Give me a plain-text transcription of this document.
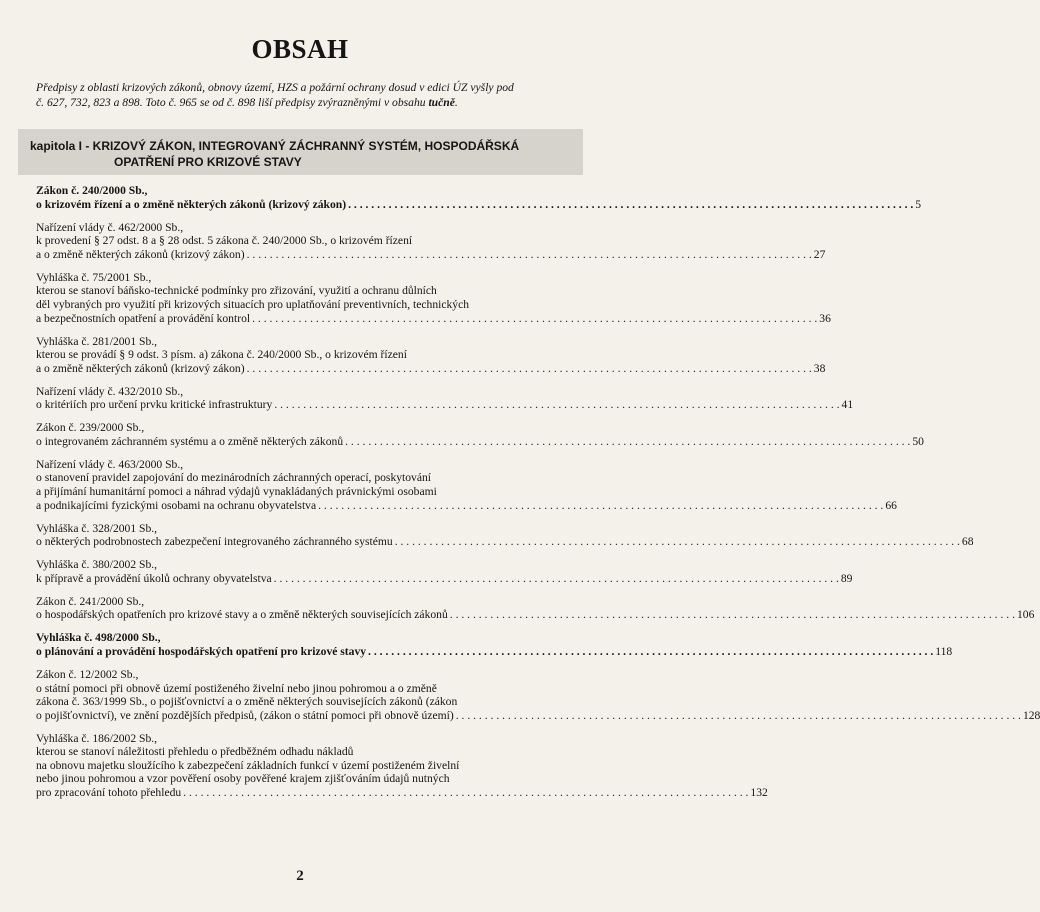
OBSAH
Předpisy z oblasti krizových zákonů, obnovy území, HZS a požární ochrany dosud v edici ÚZ vyšly pod
č. 627, 732, 823 a 898. Toto č. 965 se od č. 898 liší předpisy zvýrazněnými v obsahu tučně.
kapitola I - KRIZOVÝ ZÁKON, INTEGROVANÝ ZÁCHRANNÝ SYSTÉM, HOSPODÁŘSKÁ
OPATŘENÍ PRO KRIZOVÉ STAVY
Zákon č. 240/2000 Sb.,
o krizovém řízení a o změně některých zákonů (krizový zákon) . . .	5
Nařízení vlády č. 462/2000 Sb.,
k provedení § 27 odst. 8 a § 28 odst. 5 zákona č. 240/2000 Sb., o krizovém řízení
a o změně některých zákonů (krizový zákon) . . .	27
Vyhláška č. 75/2001 Sb.,
kterou se stanoví báňsko-technické podmínky pro zřizování, využití a ochranu důlních
děl vybraných pro využití při krizových situacích pro uplatňování preventivních, technických
a bezpečnostních opatření a provádění kontrol . . .	36
Vyhláška č. 281/2001 Sb.,
kterou se provádí § 9 odst. 3 písm. a) zákona č. 240/2000 Sb., o krizovém řízení
a o změně některých zákonů (krizový zákon) . . .	38
Nařízení vlády č. 432/2010 Sb.,
o kritériích pro určení prvku kritické infrastruktury . . .	41
Zákon č. 239/2000 Sb.,
o integrovaném záchranném systému a o změně některých zákonů . . .	50
Nařízení vlády č. 463/2000 Sb.,
o stanovení pravidel zapojování do mezinárodních záchranných operací, poskytování
a přijímání humanitární pomoci a náhrad výdajů vynakládaných právnickými osobami
a podnikajícími fyzickými osobami na ochranu obyvatelstva . . .	66
Vyhláška č. 328/2001 Sb.,
o některých podrobnostech zabezpečení integrovaného záchranného systému . . .	68
Vyhláška č. 380/2002 Sb.,
k přípravě a provádění úkolů ochrany obyvatelstva . . .	89
Zákon č. 241/2000 Sb.,
o hospodářských opatřeních pro krizové stavy a o změně některých souvisejících zákonů . . .	106
Vyhláška č. 498/2000 Sb.,
o plánování a provádění hospodářských opatření pro krizové stavy . . .	118
Zákon č. 12/2002 Sb.,
o státní pomoci při obnově území postiženého živelní nebo jinou pohromou a o změně
zákona č. 363/1999 Sb., o pojišťovnictví a o změně některých souvisejících zákonů (zákon
o pojišťovnictví), ve znění pozdějších předpisů, (zákon o státní pomoci při obnově území) . . .	128
Vyhláška č. 186/2002 Sb.,
kterou se stanoví náležitosti přehledu o předběžném odhadu nákladů
na obnovu majetku sloužícího k zabezpečení základních funkcí v území postiženém živelní
nebo jinou pohromou a vzor pověření osoby pověřené krajem zjišťováním údajů nutných
pro zpracování tohoto přehledu . . .	132
2
